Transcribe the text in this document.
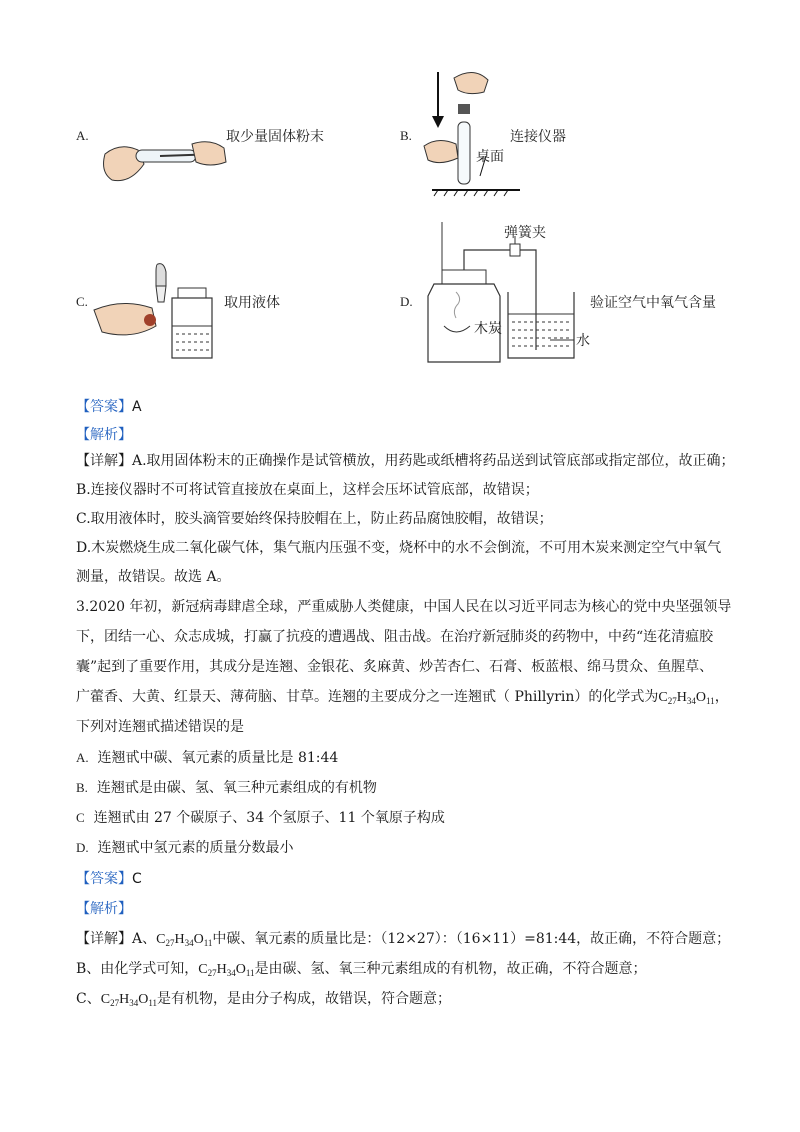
A.	取少量固体粉末	B.
桌面
连接仪器
C.	取用液体	D.
弹簧夹
木炭
水
验证空气中氧气含量
【答案】A
【解析】
【详解】A.取用固体粉末的正确操作是试管横放，用药匙或纸槽将药品送到试管底部或指定部位，故正确；
B.连接仪器时不可将试管直接放在桌面上，这样会压坏试管底部，故错误；
C.取用液体时，胶头滴管要始终保持胶帽在上，防止药品腐蚀胶帽，故错误；
D.木炭燃烧生成二氧化碳气体，集气瓶内压强不变，烧杯中的水不会倒流，不可用木炭来测定空气中氧气
测量，故错误。故选 A。
3.2020 年初，新冠病毒肆虐全球，严重威胁人类健康，中国人民在以习近平同志为核心的党中央坚强领导
下，团结一心、众志成城，打赢了抗疫的遭遇战、阻击战。在治疗新冠肺炎的药物中，中药“连花清瘟胶
囊”起到了重要作用，其成分是连翘、金银花、炙麻黄、炒苦杏仁、石膏、板蓝根、绵马贯众、鱼腥草、
广藿香、大黄、红景天、薄荷脑、甘草。连翘的主要成分之一连翘甙（ Phillyrin）的化学式为$C_{27}H_{34}O_{11}$，
下列对连翘甙描述错误的是
A. 连翘甙中碳、氧元素的质量比是 81:44
B. 连翘甙是由碳、氢、氧三种元素组成的有机物
C 连翘甙由 27 个碳原子、34 个氢原子、11 个氧原子构成
D. 连翘甙中氢元素的质量分数最小
【答案】C
【解析】
【详解】A、$C_{27}H_{34}O_{11}$中碳、氧元素的质量比是：（12×27）：（16×11）=81:44，故正确，不符合题意；
B、由化学式可知，$C_{27}H_{34}O_{11}$是由碳、氢、氧三种元素组成的有机物，故正确，不符合题意；
C、$C_{27}H_{34}O_{11}$是有机物，是由分子构成，故错误，符合题意；
